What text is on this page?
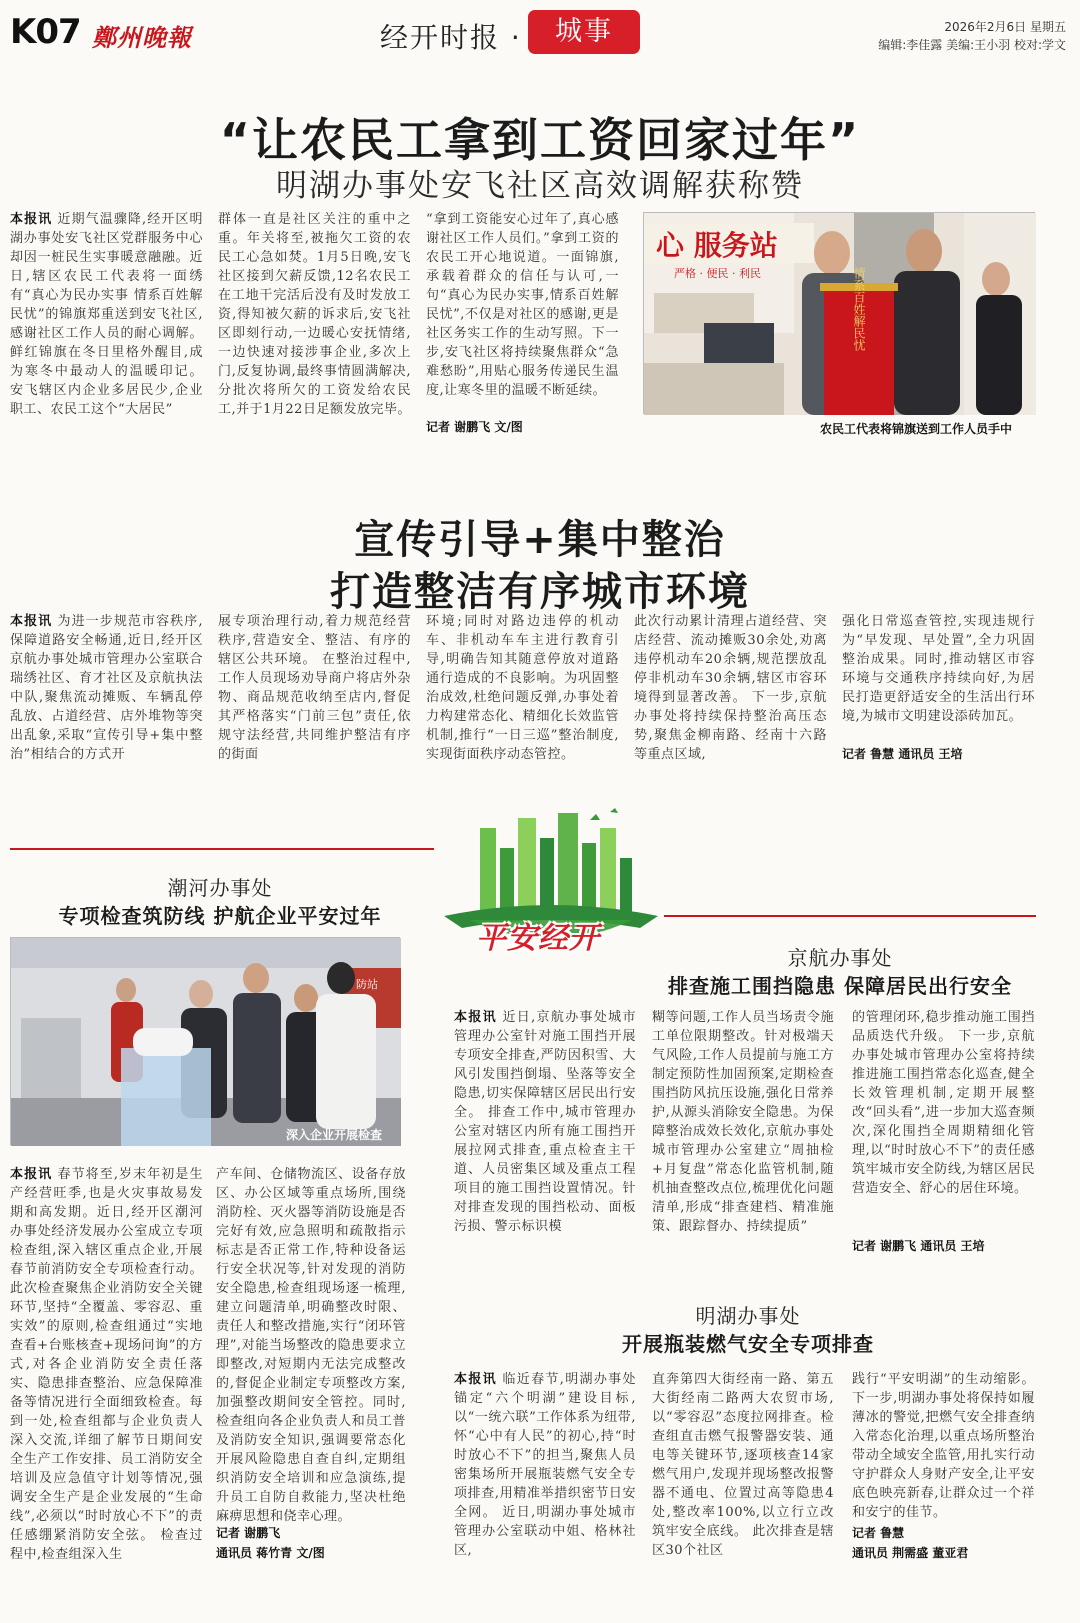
K07 鄭州晚報	经开时报 ·	城事	2026年2月6日 星期五
编辑:李佳露 美编:王小羽 校对:学文
“让农民工拿到工资回家过年”
明湖办事处安飞社区高效调解获称赞
本报讯 近期气温骤降,经开区明湖办事处安飞社区党群服务中心却因一桩民生实事暖意融融。近日,辖区农民工代表将一面绣有“真心为民办实事 情系百姓解民忧”的锦旗郑重送到安飞社区,感谢社区工作人员的耐心调解。鲜红锦旗在冬日里格外醒目,成为寒冬中最动人的温暖印记。 安飞辖区内企业多居民少,企业职工、农民工这个“大居民”
群体一直是社区关注的重中之重。年关将至,被拖欠工资的农民工心急如焚。1月5日晚,安飞社区接到欠薪反馈,12名农民工在工地干完活后没有及时发放工资,得知被欠薪的诉求后,安飞社区即刻行动,一边暖心安抚情绪,一边快速对接涉事企业,多次上门,反复协调,最终事情圆满解决,分批次将所欠的工资发给农民工,并于1月22日足额发放完毕。
“拿到工资能安心过年了,真心感谢社区工作人员们。”拿到工资的农民工开心地说道。一面锦旗,承载着群众的信任与认可,一句“真心为民办实事,情系百姓解民忧”,不仅是对社区的感谢,更是社区务实工作的生动写照。下一步,安飞社区将持续聚焦群众“急难愁盼”,用贴心服务传递民生温度,让寒冬里的温暖不断延续。
记者 谢鹏飞 文/图
心 服务站
严格 · 便民 · 利民	情系百姓解民忧
农民工代表将锦旗送到工作人员手中
宣传引导+集中整治
打造整洁有序城市环境
本报讯 为进一步规范市容秩序,保障道路安全畅通,近日,经开区京航办事处城市管理办公室联合瑞绣社区、育才社区及京航执法中队,聚焦流动摊贩、车辆乱停乱放、占道经营、店外堆物等突出乱象,采取“宣传引导+集中整治”相结合的方式开
展专项治理行动,着力规范经营秩序,营造安全、整洁、有序的辖区公共环境。 在整治过程中,工作人员现场劝导商户将店外杂物、商品规范收纳至店内,督促其严格落实“门前三包”责任,依规守法经营,共同维护整洁有序的街面
环境;同时对路边违停的机动车、非机动车车主进行教育引导,明确告知其随意停放对道路通行造成的不良影响。为巩固整治成效,杜绝问题反弹,办事处着力构建常态化、精细化长效监管机制,推行“一日三巡”整治制度,实现街面秩序动态管控。
此次行动累计清理占道经营、突店经营、流动摊贩30余处,劝离违停机动车20余辆,规范摆放乱停非机动车30余辆,辖区市容环境得到显著改善。 下一步,京航办事处将持续保持整治高压态势,聚焦金柳南路、经南十六路等重点区域,
强化日常巡查管控,实现违规行为“早发现、早处置”,全力巩固整治成果。同时,推动辖区市容环境与交通秩序持续向好,为居民打造更舒适安全的生活出行环境,为城市文明建设添砖加瓦。
记者 鲁慧 通讯员 王培
平安经开
潮河办事处
专项检查筑防线 护航企业平安过年
防站
深入企业开展检查
本报讯 春节将至,岁末年初是生产经营旺季,也是火灾事故易发期和高发期。近日,经开区潮河办事处经济发展办公室成立专项检查组,深入辖区重点企业,开展春节前消防安全专项检查行动。 此次检查聚焦企业消防安全关键环节,坚持“全覆盖、零容忍、重实效”的原则,检查组通过“实地查看+台账核查+现场问询”的方式,对各企业消防安全责任落实、隐患排查整治、应急保障准备等情况进行全面细致检查。每到一处,检查组都与企业负责人深入交流,详细了解节日期间安全生产工作安排、员工消防安全培训及应急值守计划等情况,强调安全生产是企业发展的“生命线”,必须以“时时放心不下”的责任感绷紧消防安全弦。 检查过程中,检查组深入生
产车间、仓储物流区、设备存放区、办公区域等重点场所,围绕消防栓、灭火器等消防设施是否完好有效,应急照明和疏散指示标志是否正常工作,特种设备运行安全状况等,针对发现的消防安全隐患,检查组现场逐一梳理,建立问题清单,明确整改时限、责任人和整改措施,实行“闭环管理”,对能当场整改的隐患要求立即整改,对短期内无法完成整改的,督促企业制定专项整改方案,加强整改期间安全管控。同时,检查组向各企业负责人和员工普及消防安全知识,强调要常态化开展风险隐患自查自纠,定期组织消防安全培训和应急演练,提升员工自防自救能力,坚决杜绝麻痹思想和侥幸心理。
记者 谢鹏飞
通讯员 蒋竹青 文/图
京航办事处
排查施工围挡隐患 保障居民出行安全
本报讯 近日,京航办事处城市管理办公室针对施工围挡开展专项安全排查,严防因积雪、大风引发围挡倒塌、坠落等安全隐患,切实保障辖区居民出行安全。 排查工作中,城市管理办公室对辖区内所有施工围挡开展拉网式排查,重点检查主干道、人员密集区域及重点工程项目的施工围挡设置情况。针对排查发现的围挡松动、面板污损、警示标识模
糊等问题,工作人员当场责令施工单位限期整改。针对极端天气风险,工作人员提前与施工方制定预防性加固预案,定期检查围挡防风抗压设施,强化日常养护,从源头消除安全隐患。为保障整治成效长效化,京航办事处城市管理办公室建立“周抽检+月复盘”常态化监管机制,随机抽查整改点位,梳理优化问题清单,形成“排查建档、精准施策、跟踪督办、持续提质”
的管理闭环,稳步推动施工围挡品质迭代升级。 下一步,京航办事处城市管理办公室将持续推进施工围挡常态化巡查,健全长效管理机制,定期开展整改“回头看”,进一步加大巡查频次,深化围挡全周期精细化管理,以“时时放心不下”的责任感筑牢城市安全防线,为辖区居民营造安全、舒心的居住环境。
记者 谢鹏飞 通讯员 王培
明湖办事处
开展瓶装燃气安全专项排查
本报讯 临近春节,明湖办事处锚定“六个明湖”建设目标,以“一统六联”工作体系为纽带,怀“心中有人民”的初心,持“时时放心不下”的担当,聚焦人员密集场所开展瓶装燃气安全专项排查,用精准举措织密节日安全网。 近日,明湖办事处城市管理办公室联动中姐、格林社区,
直奔第四大街经南一路、第五大街经南二路两大农贸市场,以“零容忍”态度拉网排查。检查组直击燃气报警器安装、通电等关键环节,逐项核查14家燃气用户,发现并现场整改报警器不通电、位置过高等隐患4处,整改率100%,以立行立改筑牢安全底线。 此次排查是辖区30个社区
践行“平安明湖”的生动缩影。下一步,明湖办事处将保持如履薄冰的警觉,把燃气安全排查纳入常态化治理,以重点场所整治带动全域安全监管,用扎实行动守护群众人身财产安全,让平安底色映亮新春,让群众过一个祥和安宁的佳节。
记者 鲁慧
通讯员 荆需盛 董亚君
